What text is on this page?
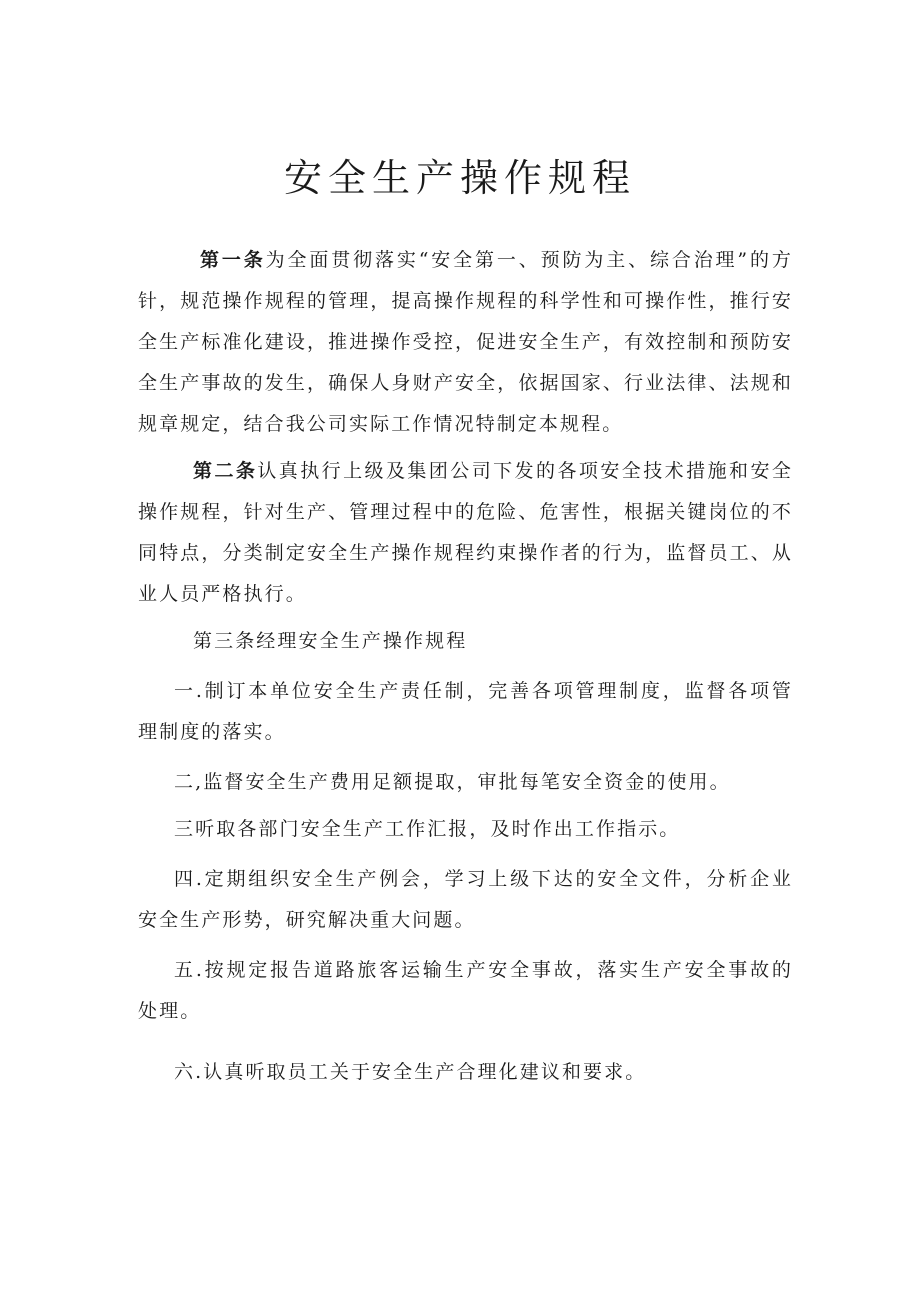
安全生产操作规程

第一条为全面贯彻落实“安全第一、预防为主、综合治理”的方针，规范操作规程的管理，提高操作规程的科学性和可操作性，推行安全生产标准化建设，推进操作受控，促进安全生产，有效控制和预防安全生产事故的发生，确保人身财产安全，依据国家、行业法律、法规和规章规定，结合我公司实际工作情况特制定本规程。

第二条认真执行上级及集团公司下发的各项安全技术措施和安全操作规程，针对生产、管理过程中的危险、危害性，根据关键岗位的不同特点，分类制定安全生产操作规程约束操作者的行为，监督员工、从业人员严格执行。

第三条经理安全生产操作规程

一.制订本单位安全生产责任制，完善各项管理制度，监督各项管理制度的落实。

二,监督安全生产费用足额提取，审批每笔安全资金的使用。

三听取各部门安全生产工作汇报，及时作出工作指示。

四.定期组织安全生产例会，学习上级下达的安全文件，分析企业安全生产形势，研究解决重大问题。

五.按规定报告道路旅客运输生产安全事故，落实生产安全事故的处理。

六.认真听取员工关于安全生产合理化建议和要求。
